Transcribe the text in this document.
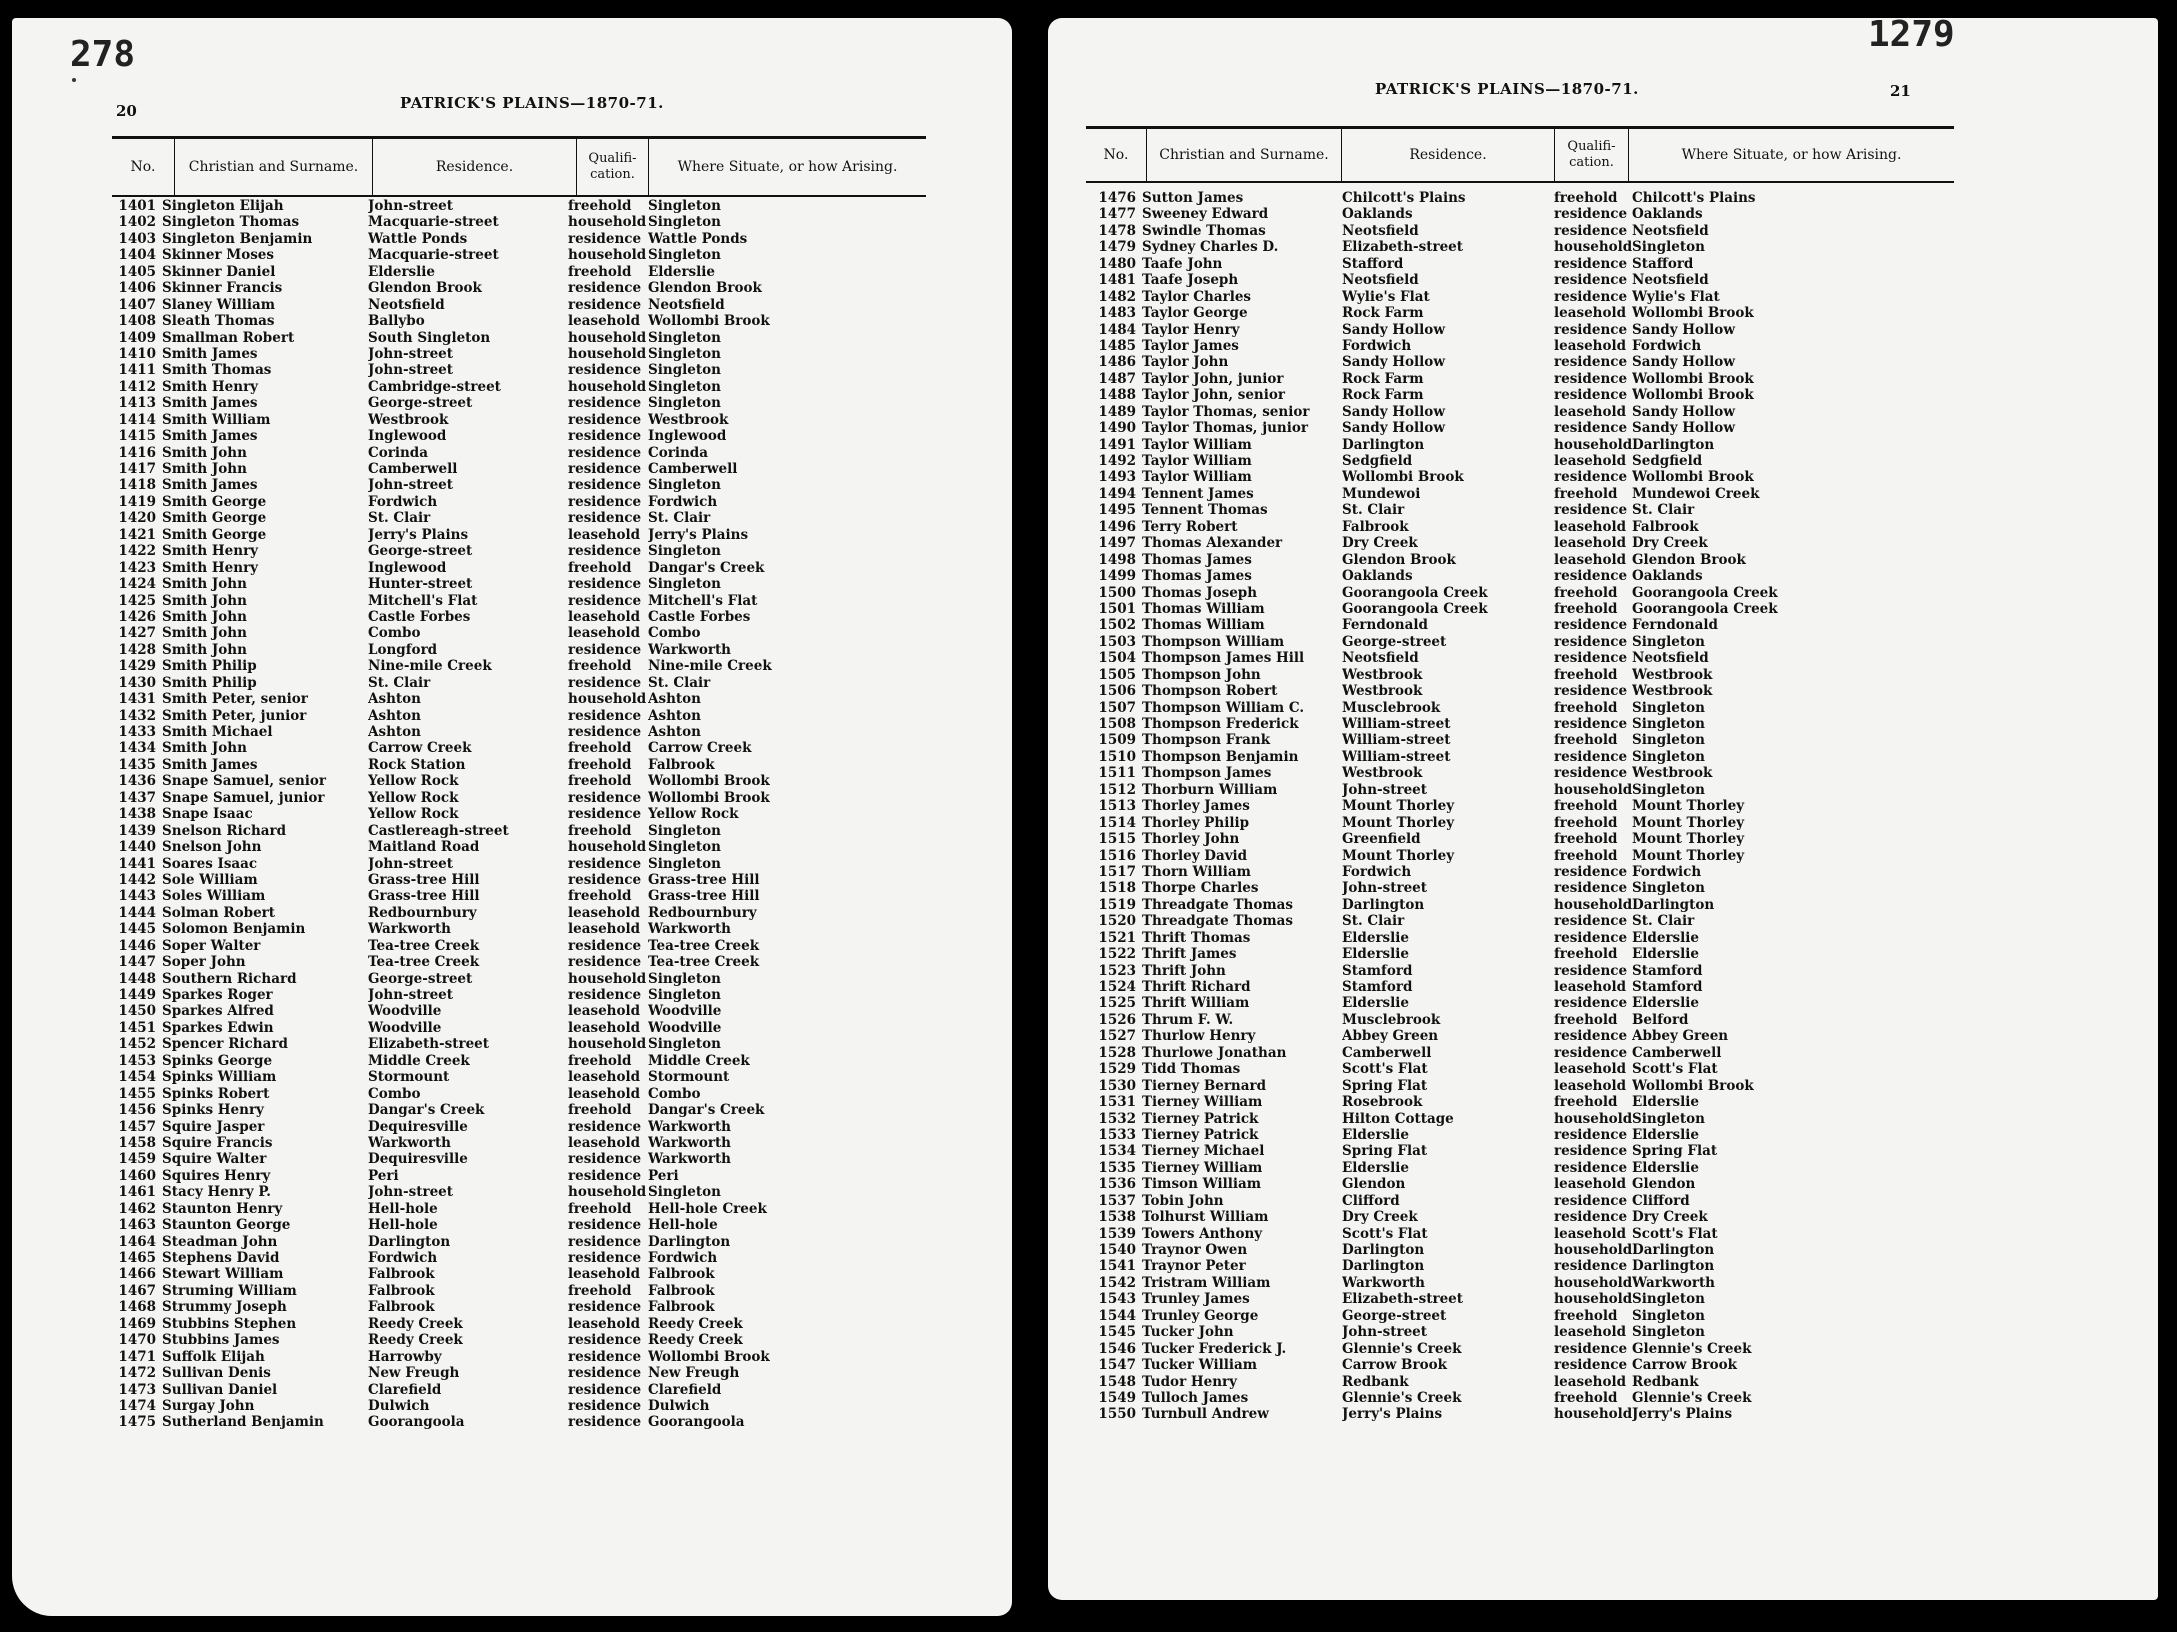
278
20	PATRICK'S PLAINS—1870-71.
No.	Christian and Surname.	Residence.
Qualifi-
cation.	Where Situate, or how Arising.
1401 Singleton Elijah	John-street	freehold	Singleton
1402 Singleton Thomas	Macquarie-street	household Singleton
1403 Singleton Benjamin	Wattle Ponds	residence Wattle Ponds
1404 Skinner Moses	Macquarie-street	household Singleton
1405 Skinner Daniel	Elderslie	freehold	Elderslie
1406 Skinner Francis	Glendon Brook	residence Glendon Brook
1407 Slaney William	Neotsfield	residence Neotsfield
1408 Sleath Thomas	Ballybo	leasehold Wollombi Brook
1409 Smallman Robert	South Singleton	household Singleton
1410 Smith James	John-street	household Singleton
1411 Smith Thomas	John-street	residence Singleton
1412 Smith Henry	Cambridge-street	household Singleton
1413 Smith James	George-street	residence Singleton
1414 Smith William	Westbrook	residence Westbrook
1415 Smith James	Inglewood	residence Inglewood
1416 Smith John	Corinda	residence Corinda
1417 Smith John	Camberwell	residence Camberwell
1418 Smith James	John-street	residence Singleton
1419 Smith George	Fordwich	residence Fordwich
1420 Smith George	St. Clair	residence St. Clair
1421 Smith George	Jerry's Plains	leasehold Jerry's Plains
1422 Smith Henry	George-street	residence Singleton
1423 Smith Henry	Inglewood	freehold	Dangar's Creek
1424 Smith John	Hunter-street	residence Singleton
1425 Smith John	Mitchell's Flat	residence Mitchell's Flat
1426 Smith John	Castle Forbes	leasehold Castle Forbes
1427 Smith John	Combo	leasehold Combo
1428 Smith John	Longford	residence Warkworth
1429 Smith Philip	Nine-mile Creek	freehold	Nine-mile Creek
1430 Smith Philip	St. Clair	residence St. Clair
1431 Smith Peter, senior	Ashton	household Ashton
1432 Smith Peter, junior	Ashton	residence Ashton
1433 Smith Michael	Ashton	residence Ashton
1434 Smith John	Carrow Creek	freehold	Carrow Creek
1435 Smith James	Rock Station	freehold	Falbrook
1436 Snape Samuel, senior	Yellow Rock	freehold	Wollombi Brook
1437 Snape Samuel, junior	Yellow Rock	residence Wollombi Brook
1438 Snape Isaac	Yellow Rock	residence Yellow Rock
1439 Snelson Richard	Castlereagh-street	freehold	Singleton
1440 Snelson John	Maitland Road	household Singleton
1441 Soares Isaac	John-street	residence Singleton
1442 Sole William	Grass-tree Hill	residence Grass-tree Hill
1443 Soles William	Grass-tree Hill	freehold	Grass-tree Hill
1444 Solman Robert	Redbournbury	leasehold Redbournbury
1445 Solomon Benjamin	Warkworth	leasehold Warkworth
1446 Soper Walter	Tea-tree Creek	residence Tea-tree Creek
1447 Soper John	Tea-tree Creek	residence Tea-tree Creek
1448 Southern Richard	George-street	household Singleton
1449 Sparkes Roger	John-street	residence Singleton
1450 Sparkes Alfred	Woodville	leasehold Woodville
1451 Sparkes Edwin	Woodville	leasehold Woodville
1452 Spencer Richard	Elizabeth-street	household Singleton
1453 Spinks George	Middle Creek	freehold	Middle Creek
1454 Spinks William	Stormount	leasehold Stormount
1455 Spinks Robert	Combo	leasehold Combo
1456 Spinks Henry	Dangar's Creek	freehold	Dangar's Creek
1457 Squire Jasper	Dequiresville	residence Warkworth
1458 Squire Francis	Warkworth	leasehold Warkworth
1459 Squire Walter	Dequiresville	residence Warkworth
1460 Squires Henry	Peri	residence Peri
1461 Stacy Henry P.	John-street	household Singleton
1462 Staunton Henry	Hell-hole	freehold	Hell-hole Creek
1463 Staunton George	Hell-hole	residence Hell-hole
1464 Steadman John	Darlington	residence Darlington
1465 Stephens David	Fordwich	residence Fordwich
1466 Stewart William	Falbrook	leasehold Falbrook
1467 Struming William	Falbrook	freehold	Falbrook
1468 Strummy Joseph	Falbrook	residence Falbrook
1469 Stubbins Stephen	Reedy Creek	leasehold Reedy Creek
1470 Stubbins James	Reedy Creek	residence Reedy Creek
1471 Suffolk Elijah	Harrowby	residence Wollombi Brook
1472 Sullivan Denis	New Freugh	residence New Freugh
1473 Sullivan Daniel	Clarefield	residence Clarefield
1474 Surgay John	Dulwich	residence Dulwich
1475 Sutherland Benjamin	Goorangoola	residence Goorangoola
1279
21
PATRICK'S PLAINS—1870-71.
No.	Christian and Surname.	Residence.
Qualifi-
cation.	Where Situate, or how Arising.
1476 Sutton James	Chilcott's Plains	freehold	Chilcott's Plains
1477 Sweeney Edward	Oaklands	residence Oaklands
1478 Swindle Thomas	Neotsfield	residence Neotsfield
1479 Sydney Charles D.	Elizabeth-street	household Singleton
1480 Taafe John	Stafford	residence Stafford
1481 Taafe Joseph	Neotsfield	residence Neotsfield
1482 Taylor Charles	Wylie's Flat	residence Wylie's Flat
1483 Taylor George	Rock Farm	leasehold Wollombi Brook
1484 Taylor Henry	Sandy Hollow	residence Sandy Hollow
1485 Taylor James	Fordwich	leasehold Fordwich
1486 Taylor John	Sandy Hollow	residence Sandy Hollow
1487 Taylor John, junior	Rock Farm	residence Wollombi Brook
1488 Taylor John, senior	Rock Farm	residence Wollombi Brook
1489 Taylor Thomas, senior	Sandy Hollow	leasehold Sandy Hollow
1490 Taylor Thomas, junior	Sandy Hollow	residence Sandy Hollow
1491 Taylor William	Darlington	household Darlington
1492 Taylor William	Sedgfield	leasehold Sedgfield
1493 Taylor William	Wollombi Brook	residence Wollombi Brook
1494 Tennent James	Mundewoi	freehold	Mundewoi Creek
1495 Tennent Thomas	St. Clair	residence St. Clair
1496 Terry Robert	Falbrook	leasehold Falbrook
1497 Thomas Alexander	Dry Creek	leasehold Dry Creek
1498 Thomas James	Glendon Brook	leasehold Glendon Brook
1499 Thomas James	Oaklands	residence Oaklands
1500 Thomas Joseph	Goorangoola Creek	freehold	Goorangoola Creek
1501 Thomas William	Goorangoola Creek	freehold	Goorangoola Creek
1502 Thomas William	Ferndonald	residence Ferndonald
1503 Thompson William	George-street	residence Singleton
1504 Thompson James Hill	Neotsfield	residence Neotsfield
1505 Thompson John	Westbrook	freehold	Westbrook
1506 Thompson Robert	Westbrook	residence Westbrook
1507 Thompson William C.	Musclebrook	freehold	Singleton
1508 Thompson Frederick	William-street	residence Singleton
1509 Thompson Frank	William-street	freehold	Singleton
1510 Thompson Benjamin	William-street	residence Singleton
1511 Thompson James	Westbrook	residence Westbrook
1512 Thorburn William	John-street	household Singleton
1513 Thorley James	Mount Thorley	freehold	Mount Thorley
1514 Thorley Philip	Mount Thorley	freehold	Mount Thorley
1515 Thorley John	Greenfield	freehold	Mount Thorley
1516 Thorley David	Mount Thorley	freehold	Mount Thorley
1517 Thorn William	Fordwich	residence Fordwich
1518 Thorpe Charles	John-street	residence Singleton
1519 Threadgate Thomas	Darlington	household Darlington
1520 Threadgate Thomas	St. Clair	residence St. Clair
1521 Thrift Thomas	Elderslie	residence Elderslie
1522 Thrift James	Elderslie	freehold	Elderslie
1523 Thrift John	Stamford	residence Stamford
1524 Thrift Richard	Stamford	leasehold Stamford
1525 Thrift William	Elderslie	residence Elderslie
1526 Thrum F. W.	Musclebrook	freehold	Belford
1527 Thurlow Henry	Abbey Green	residence Abbey Green
1528 Thurlowe Jonathan	Camberwell	residence Camberwell
1529 Tidd Thomas	Scott's Flat	leasehold Scott's Flat
1530 Tierney Bernard	Spring Flat	leasehold Wollombi Brook
1531 Tierney William	Rosebrook	freehold	Elderslie
1532 Tierney Patrick	Hilton Cottage	household Singleton
1533 Tierney Patrick	Elderslie	residence Elderslie
1534 Tierney Michael	Spring Flat	residence Spring Flat
1535 Tierney William	Elderslie	residence Elderslie
1536 Timson William	Glendon	leasehold Glendon
1537 Tobin John	Clifford	residence Clifford
1538 Tolhurst William	Dry Creek	residence Dry Creek
1539 Towers Anthony	Scott's Flat	leasehold Scott's Flat
1540 Traynor Owen	Darlington	household Darlington
1541 Traynor Peter	Darlington	residence Darlington
1542 Tristram William	Warkworth	household Warkworth
1543 Trunley James	Elizabeth-street	household Singleton
1544 Trunley George	George-street	freehold	Singleton
1545 Tucker John	John-street	leasehold Singleton
1546 Tucker Frederick J.	Glennie's Creek	residence Glennie's Creek
1547 Tucker William	Carrow Brook	residence Carrow Brook
1548 Tudor Henry	Redbank	leasehold Redbank
1549 Tulloch James	Glennie's Creek	freehold	Glennie's Creek
1550 Turnbull Andrew	Jerry's Plains	household Jerry's Plains
